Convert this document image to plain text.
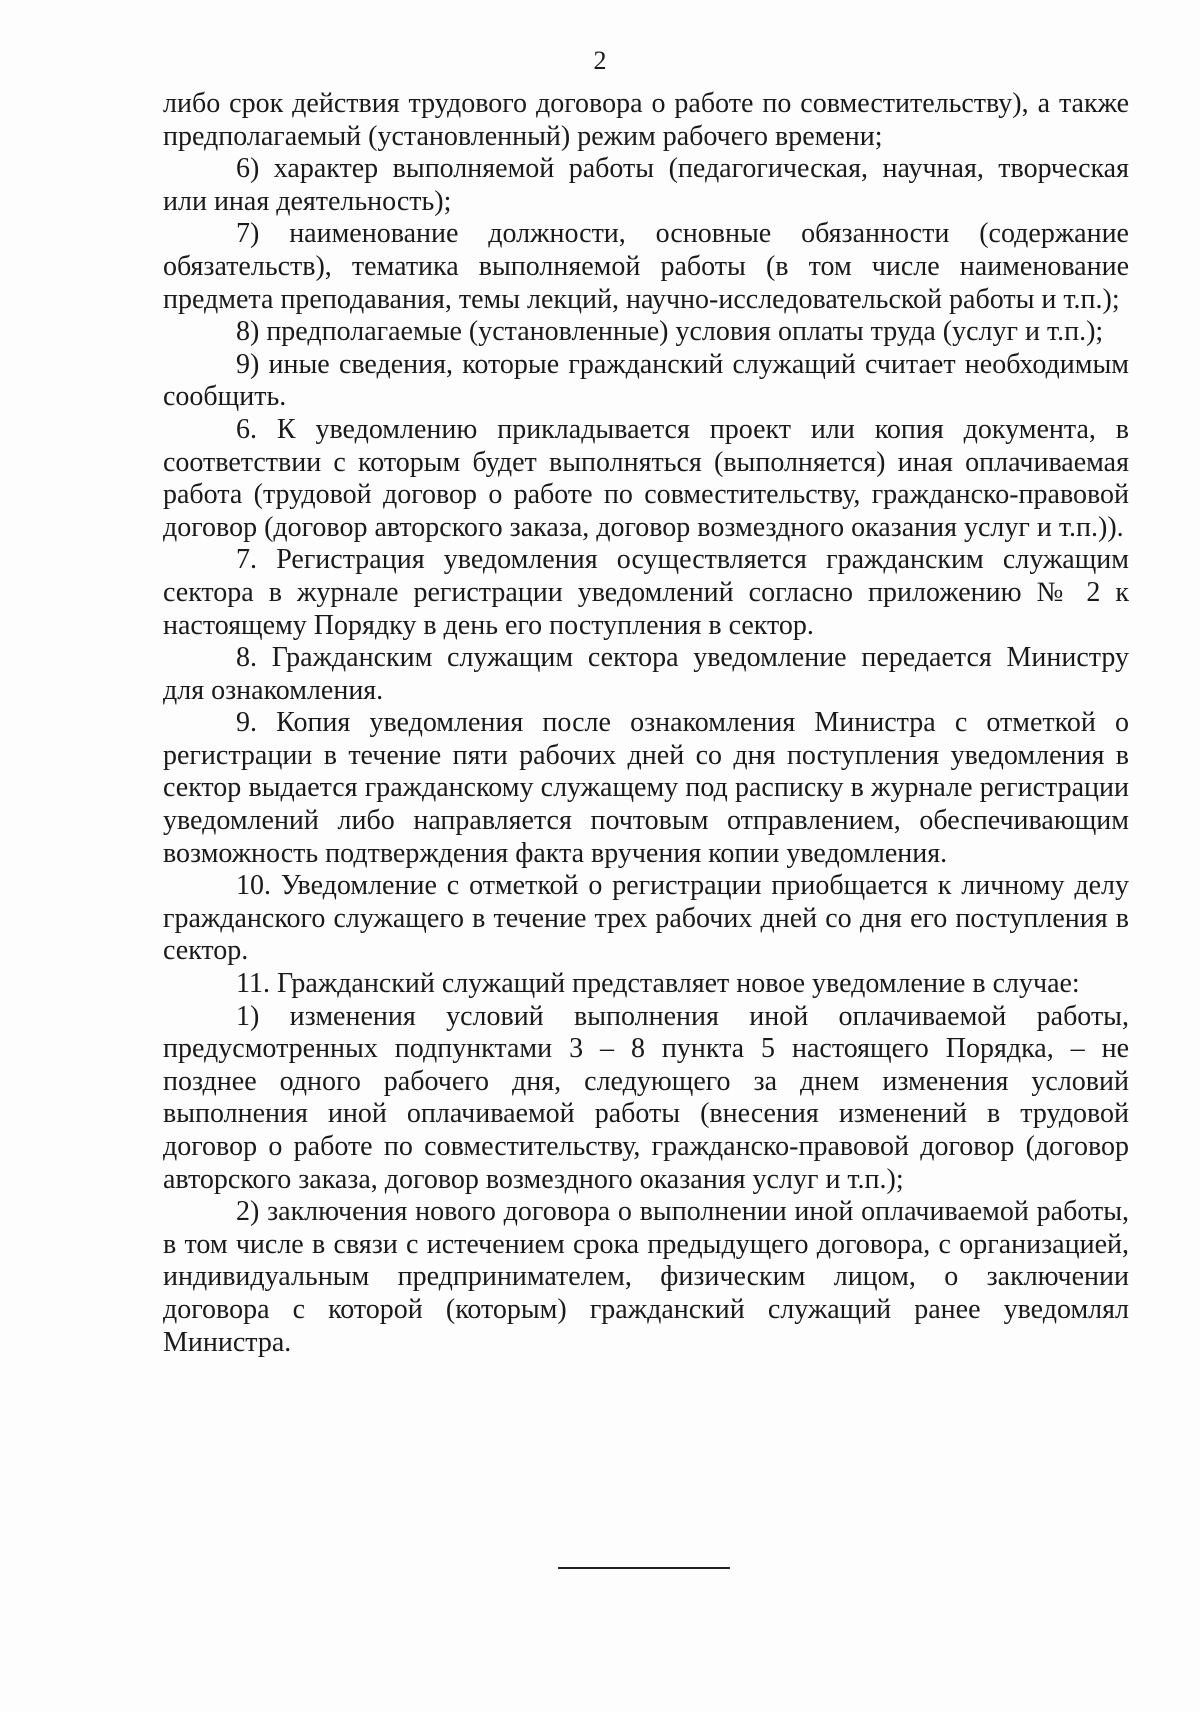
2

либо срок действия трудового договора о работе по совместительству), а также предполагаемый (установленный) режим рабочего времени;

6) характер выполняемой работы (педагогическая, научная, творческая или иная деятельность);

7) наименование должности, основные обязанности (содержание обязательств), тематика выполняемой работы (в том числе наименование предмета преподавания, темы лекций, научно-исследовательской работы и т.п.);

8) предполагаемые (установленные) условия оплаты труда (услуг и т.п.);

9) иные сведения, которые гражданский служащий считает необходимым сообщить.

6. К уведомлению прикладывается проект или копия документа, в соответствии с которым будет выполняться (выполняется) иная оплачиваемая работа (трудовой договор о работе по совместительству, гражданско-правовой договор (договор авторского заказа, договор возмездного оказания услуг и т.п.)).

7. Регистрация уведомления осуществляется гражданским служащим сектора в журнале регистрации уведомлений согласно приложению № 2 к настоящему Порядку в день его поступления в сектор.

8. Гражданским служащим сектора уведомление передается Министру для ознакомления.

9. Копия уведомления после ознакомления Министра с отметкой о регистрации в течение пяти рабочих дней со дня поступления уведомления в сектор выдается гражданскому служащему под расписку в журнале регистрации уведомлений либо направляется почтовым отправлением, обеспечивающим возможность подтверждения факта вручения копии уведомления.

10. Уведомление с отметкой о регистрации приобщается к личному делу гражданского служащего в течение трех рабочих дней со дня его поступления в сектор.

11. Гражданский служащий представляет новое уведомление в случае:

1) изменения условий выполнения иной оплачиваемой работы, предусмотренных подпунктами 3 – 8 пункта 5 настоящего Порядка, – не позднее одного рабочего дня, следующего за днем изменения условий выполнения иной оплачиваемой работы (внесения изменений в трудовой договор о работе по совместительству, гражданско-правовой договор (договор авторского заказа, договор возмездного оказания услуг и т.п.);

2) заключения нового договора о выполнении иной оплачиваемой работы, в том числе в связи с истечением срока предыдущего договора, с организацией, индивидуальным предпринимателем, физическим лицом, о заключении договора с которой (которым) гражданский служащий ранее уведомлял Министра.
